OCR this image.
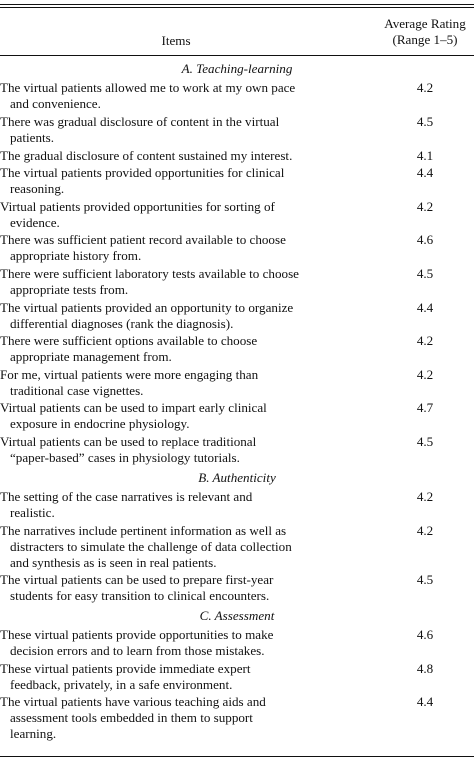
Items
Average Rating
(Range 1–5)
A. Teaching-learning
The virtual patients allowed me to work at my own pace
and convenience.
4.2
There was gradual disclosure of content in the virtual
patients.
4.5
The gradual disclosure of content sustained my interest.	4.1
The virtual patients provided opportunities for clinical
reasoning.
4.4
Virtual patients provided opportunities for sorting of
evidence.
4.2
There was sufficient patient record available to choose
appropriate history from.
4.6
There were sufficient laboratory tests available to choose
appropriate tests from.
4.5
The virtual patients provided an opportunity to organize
differential diagnoses (rank the diagnosis).
4.4
There were sufficient options available to choose
appropriate management from.
4.2
For me, virtual patients were more engaging than
traditional case vignettes.
4.2
Virtual patients can be used to impart early clinical
exposure in endocrine physiology.
4.7
Virtual patients can be used to replace traditional
“paper-based” cases in physiology tutorials.
4.5
B. Authenticity
The setting of the case narratives is relevant and
realistic.
4.2
The narratives include pertinent information as well as
distracters to simulate the challenge of data collection
and synthesis as is seen in real patients.
4.2
The virtual patients can be used to prepare first-year
students for easy transition to clinical encounters.
4.5
C. Assessment
These virtual patients provide opportunities to make
decision errors and to learn from those mistakes.
4.6
These virtual patients provide immediate expert
feedback, privately, in a safe environment.
4.8
The virtual patients have various teaching aids and
assessment tools embedded in them to support
learning.
4.4
